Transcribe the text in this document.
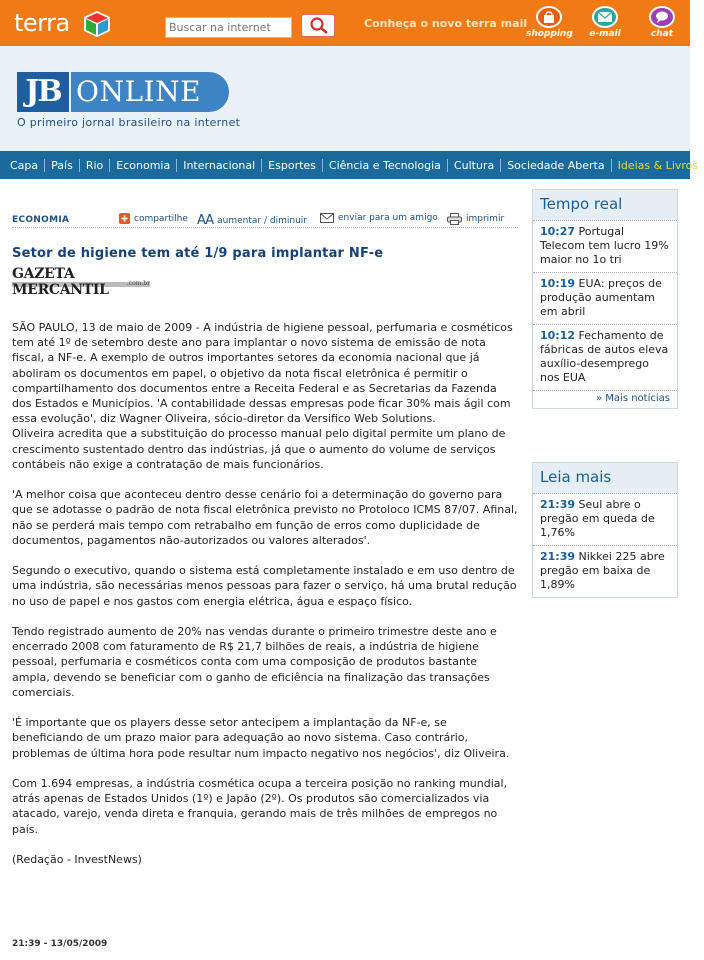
terra
Buscar na internet	Conheça o novo terra mail
shopping	e-mail	chat
JB ONLINE
O primeiro jornal brasileiro na internet
Capa	País	Rio	Economia	Internacional	Esportes	Ciência e Tecnologia	Cultura	Sociedade Aberta	Ideias & Livros
ECONOMIA	compartilhe AA aumentar / diminuir	enviar para um amigo	imprimir
Setor de higiene tem até 1/9 para implantar NF-e
GAZETA MERCANTIL	.com.br

SÃO PAULO, 13 de maio de 2009 - A indústria de higiene pessoal, perfumaria e cosméticos tem até 1º de setembro deste ano para implantar o novo sistema de emissão de nota fiscal, a NF-e. A exemplo de outros importantes setores da economia nacional que já aboliram os documentos em papel, o objetivo da nota fiscal eletrônica é permitir o compartilhamento dos documentos entre a Receita Federal e as Secretarias da Fazenda dos Estados e Municípios. 'A contabilidade dessas empresas pode ficar 30% mais ágil com essa evolução', diz Wagner Oliveira, sócio-diretor da Versifico Web Solutions.

Oliveira acredita que a substituição do processo manual pelo digital permite um plano de crescimento sustentado dentro das indústrias, já que o aumento do volume de serviços contábeis não exige a contratação de mais funcionários.

'A melhor coisa que aconteceu dentro desse cenário foi a determinação do governo para que se adotasse o padrão de nota fiscal eletrônica previsto no Protoloco ICMS 87/07. Afinal, não se perderá mais tempo com retrabalho em função de erros como duplicidade de documentos, pagamentos não-autorizados ou valores alterados'.

Segundo o executivo, quando o sistema está completamente instalado e em uso dentro de uma indústria, são necessárias menos pessoas para fazer o serviço, há uma brutal redução no uso de papel e nos gastos com energia elétrica, água e espaço físico.

Tendo registrado aumento de 20% nas vendas durante o primeiro trimestre deste ano e encerrado 2008 com faturamento de R$ 21,7 bilhões de reais, a indústria de higiene pessoal, perfumaria e cosméticos conta com uma composição de produtos bastante ampla, devendo se beneficiar com o ganho de eficiência na finalização das transações comerciais.

'É importante que os players desse setor antecipem a implantação da NF-e, se beneficiando de um prazo maior para adequação ao novo sistema. Caso contrário, problemas de última hora pode resultar num impacto negativo nos negócios', diz Oliveira.

Com 1.694 empresas, a indústria cosmética ocupa a terceira posição no ranking mundial, atrás apenas de Estados Unidos (1º) e Japão (2º). Os produtos são comercializados via atacado, varejo, venda direta e franquia, gerando mais de três milhões de empregos no país.

(Redação - InvestNews)

21:39 - 13/05/2009
Tempo real
10:27 Portugal Telecom tem lucro 19% maior no 1o tri
10:19 EUA: preços de produção aumentam em abril
10:12 Fechamento de fábricas de autos eleva auxílio-desemprego nos EUA
» Mais notícias
Leia mais
21:39 Seul abre o pregão em queda de 1,76%
21:39 Nikkei 225 abre pregão em baixa de 1,89%
